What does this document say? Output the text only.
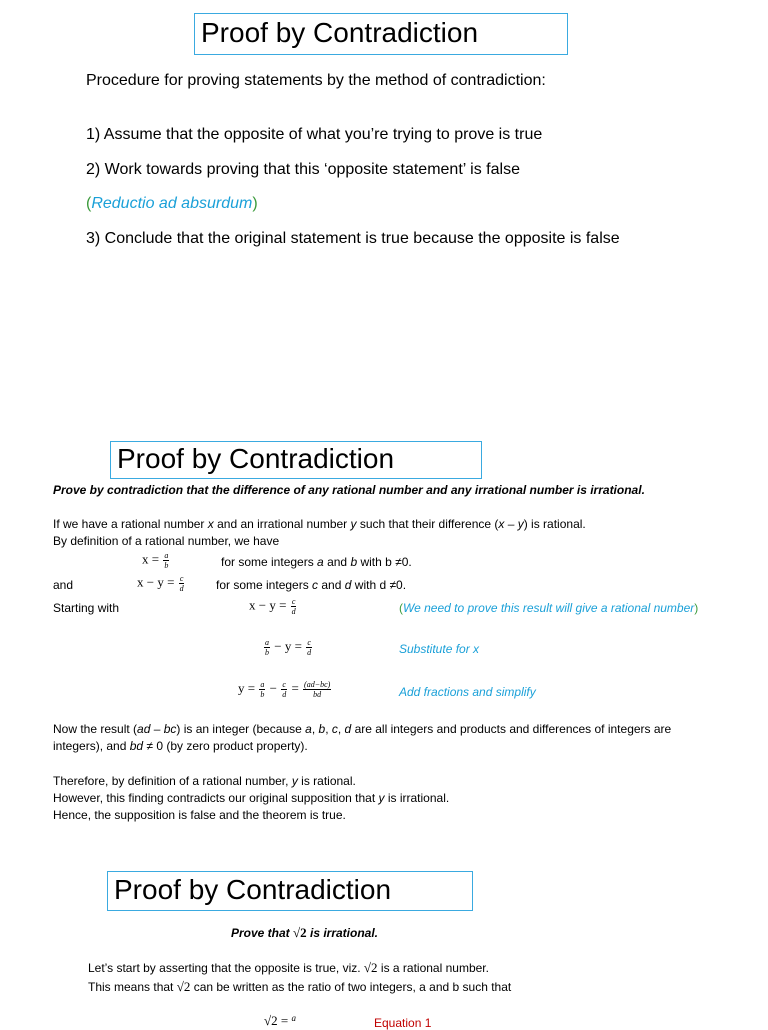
Proof by Contradiction
Procedure for proving statements by the method of contradiction:
1) Assume that the opposite of what you’re trying to prove is true
2) Work towards proving that this ‘opposite statement’ is false
(Reductio ad absurdum)
3) Conclude that the original statement is true because the opposite is false
Proof by Contradiction
Prove by contradiction that the difference of any rational number and any irrational number is irrational.
If we have a rational number x and an irrational number y such that their difference (x – y) is rational.
By definition of a rational number, we have
$x = \frac{a}{b}$	for some integers a and b with b ≠0.
and	$x - y = \frac{c}{d}$	for some integers c and d with d ≠0.
Starting with	$x - y = \frac{c}{d}$	(We need to prove this result will give a rational number)
$\frac{a}{b} - y = \frac{c}{d}$	Substitute for x
$y = \frac{a}{b} - \frac{c}{d} = \frac{(ad-bc)}{bd}$	Add fractions and simplify
Now the result (ad – bc) is an integer (because a, b, c, d are all integers and products and differences of integers are
integers), and bd ≠ 0 (by zero product property).
Therefore, by definition of a rational number, y is rational.
However, this finding contradicts our original supposition that y is irrational.
Hence, the supposition is false and the theorem is true.
Proof by Contradiction
Prove that √2 is irrational.
Let’s start by asserting that the opposite is true, viz. √2 is a rational number.
This means that √2 can be written as the ratio of two integers, a and b such that
√2 = $^a$	Equation 1
